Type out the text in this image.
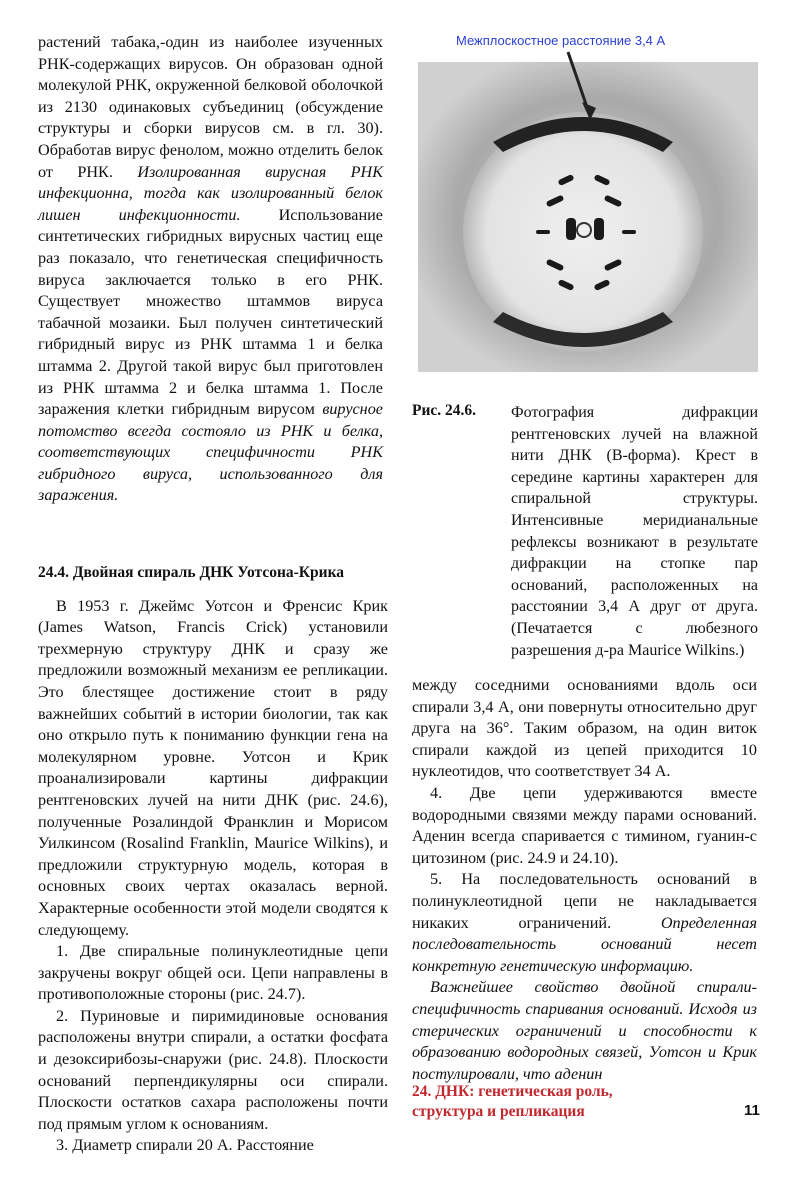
растений табака,-один из наиболее изученных РНК-содержащих вирусов. Он образован одной молекулой РНК, окруженной белковой оболочкой из 2130 одинаковых субъединиц (обсуждение структуры и сборки вирусов см. в гл. 30). Обработав вирус фенолом, можно отделить белок от РНК. Изолированная вирусная РНК инфекционна, тогда как изолированный белок лишен инфекционности. Использование синтетических гибридных вирусных частиц еще раз показало, что генетическая специфичность вируса заключается только в его РНК. Существует множество штаммов вируса табачной мозаики. Был получен синтетический гибридный вирус из РНК штамма 1 и белка штамма 2. Другой такой вирус был приготовлен из РНК штамма 2 и белка штамма 1. После заражения клетки гибридным вирусом вирусное потомство всегда состояло из РНК и белка, соответствующих специфичности РНК гибридного вируса, использованного для заражения.

24.4. Двойная спираль ДНК Уотсона-Крика

В 1953 г. Джеймс Уотсон и Френсис Крик (James Watson, Francis Crick) установили трехмерную структуру ДНК и сразу же предложили возможный механизм ее репликации. Это блестящее достижение стоит в ряду важнейших событий в истории биологии, так как оно открыло путь к пониманию функции гена на молекулярном уровне. Уотсон и Крик проанализировали картины дифракции рентгеновских лучей на нити ДНК (рис. 24.6), полученные Розалиндой Франклин и Морисом Уилкинсом (Rosalind Franklin, Maurice Wilkins), и предложили структурную модель, которая в основных своих чертах оказалась верной. Характерные особенности этой модели сводятся к следующему.

1. Две спиральные полинуклеотидные цепи закручены вокруг общей оси. Цепи направлены в противоположные стороны (рис. 24.7).

2. Пуриновые и пиримидиновые основания расположены внутри спирали, а остатки фосфата и дезоксирибозы-снаружи (рис. 24.8). Плоскости оснований перпендикулярны оси спирали. Плоскости остатков сахара расположены почти под прямым углом к основаниям.

3. Диаметр спирали 20 А. Расстояние

Межплоскостное расстояние 3,4 А
Рис. 24.6. Фотография дифракции рентгеновских лучей на влажной нити ДНК (В-форма). Крест в середине картины характерен для спиральной структуры. Интенсивные меридианальные рефлексы возникают в результате дифракции на стопке пар оснований, расположенных на расстоянии 3,4 А друг от друга. (Печатается с любезного разрешения д-ра Maurice Wilkins.)

между соседними основаниями вдоль оси спирали 3,4 А, они повернуты относительно друг друга на 36°. Таким образом, на один виток спирали каждой из цепей приходится 10 нуклеотидов, что соответствует 34 А.

4. Две цепи удерживаются вместе водородными связями между парами оснований. Аденин всегда спаривается с тимином, гуанин-с цитозином (рис. 24.9 и 24.10).

5. На последовательность оснований в полинуклеотидной цепи не накладывается никаких ограничений. Определенная последовательность оснований несет конкретную генетическую информацию.

Важнейшее свойство двойной спирали-специфичность спаривания оснований. Исходя из стерических ограничений и способности к образованию водородных связей, Уотсон и Крик постулировали, что аденин

24. ДНК: генетическая роль,
структура и репликация	11
